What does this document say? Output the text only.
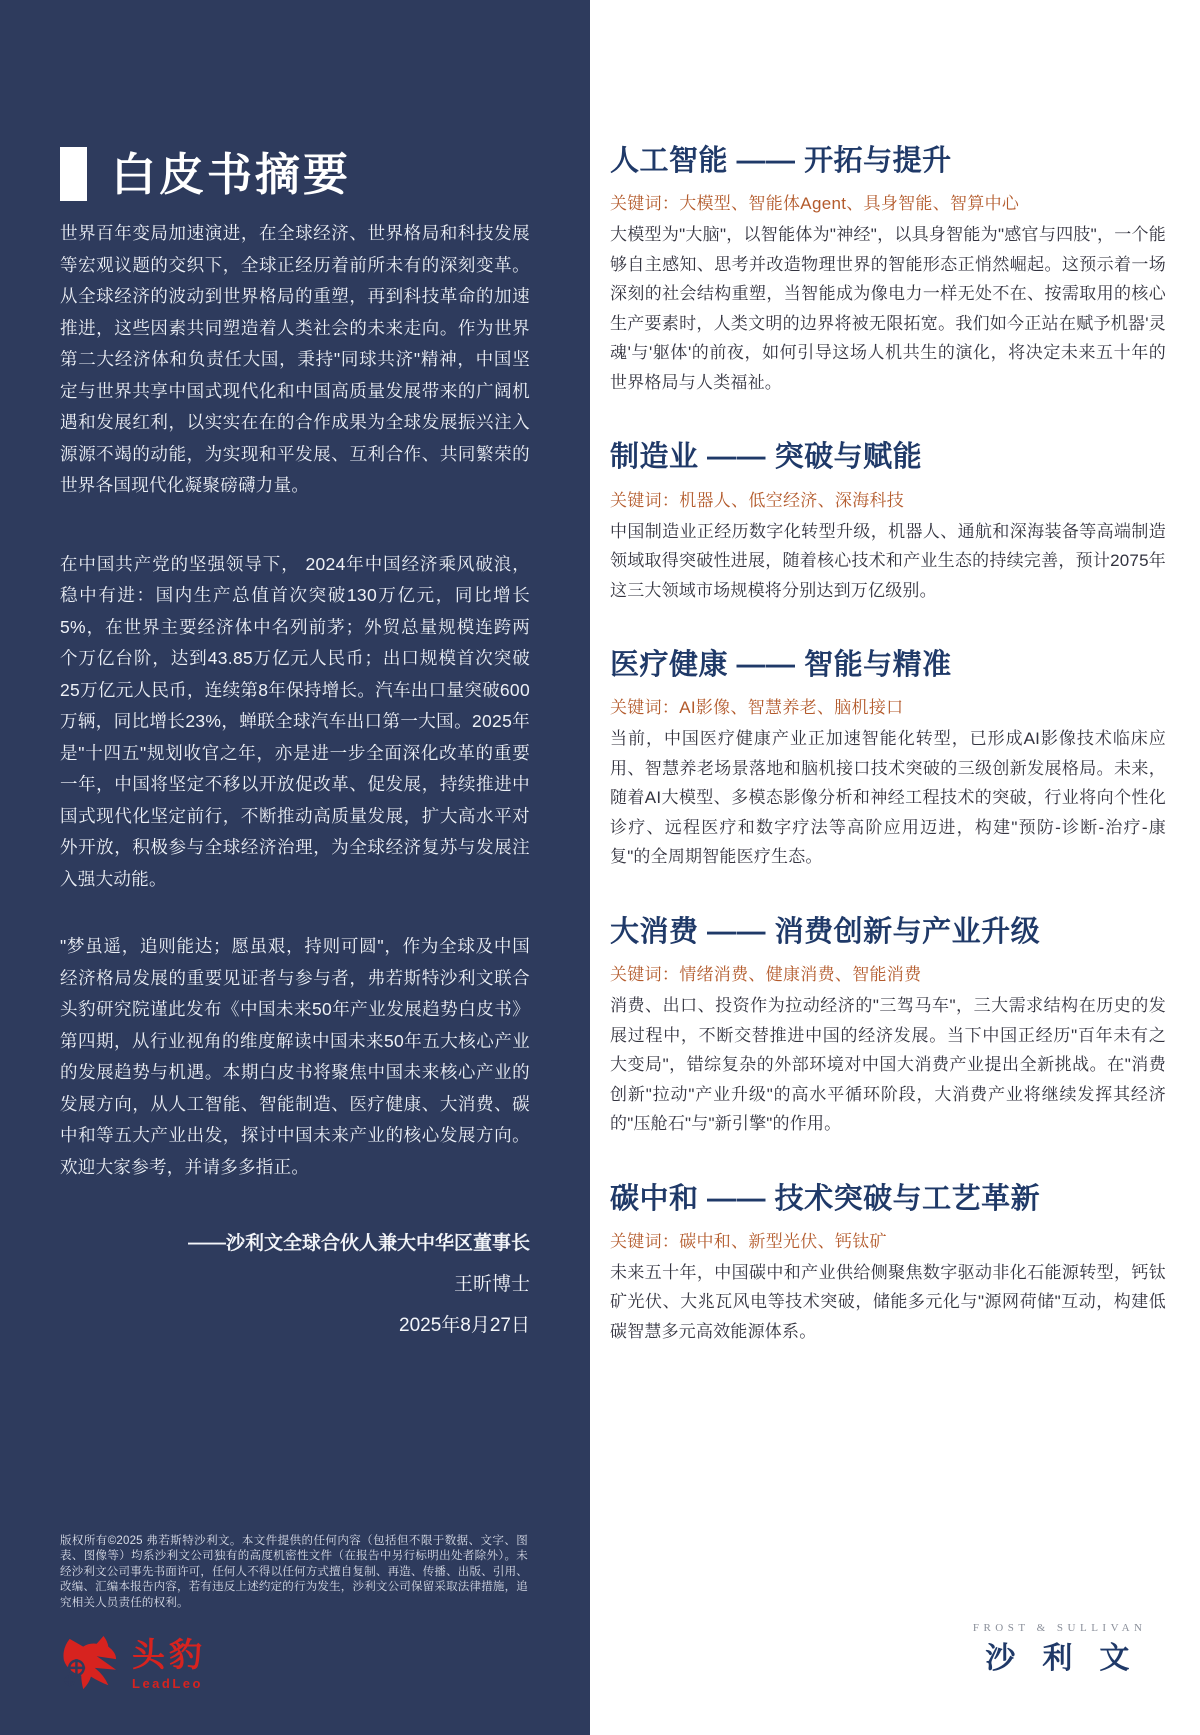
白皮书摘要

世界百年变局加速演进，在全球经济、世界格局和科技发展等宏观议题的交织下，全球正经历着前所未有的深刻变革。从全球经济的波动到世界格局的重塑，再到科技革命的加速推进，这些因素共同塑造着人类社会的未来走向。作为世界第二大经济体和负责任大国，秉持"同球共济"精神，中国坚定与世界共享中国式现代化和中国高质量发展带来的广阔机遇和发展红利，以实实在在的合作成果为全球发展振兴注入源源不竭的动能，为实现和平发展、互利合作、共同繁荣的世界各国现代化凝聚磅礴力量。

在中国共产党的坚强领导下， 2024年中国经济乘风破浪，稳中有进：国内生产总值首次突破130万亿元，同比增长5%，在世界主要经济体中名列前茅；外贸总量规模连跨两个万亿台阶，达到43.85万亿元人民币；出口规模首次突破25万亿元人民币，连续第8年保持增长。汽车出口量突破600万辆，同比增长23%，蝉联全球汽车出口第一大国。2025年是"十四五"规划收官之年，亦是进一步全面深化改革的重要一年，中国将坚定不移以开放促改革、促发展，持续推进中国式现代化坚定前行，不断推动高质量发展，扩大高水平对外开放，积极参与全球经济治理，为全球经济复苏与发展注入强大动能。

"梦虽遥，追则能达；愿虽艰，持则可圆"，作为全球及中国经济格局发展的重要见证者与参与者，弗若斯特沙利文联合头豹研究院谨此发布《中国未来50年产业发展趋势白皮书》第四期，从行业视角的维度解读中国未来50年五大核心产业的发展趋势与机遇。本期白皮书将聚焦中国未来核心产业的发展方向，从人工智能、智能制造、医疗健康、大消费、碳中和等五大产业出发，探讨中国未来产业的核心发展方向。欢迎大家参考，并请多多指正。

——沙利文全球合伙人兼大中华区董事长

王昕博士

2025年8月27日

版权所有©2025 弗若斯特沙利文。本文件提供的任何内容（包括但不限于数据、文字、图表、图像等）均系沙利文公司独有的高度机密性文件（在报告中另行标明出处者除外）。未经沙利文公司事先书面许可，任何人不得以任何方式擅自复制、再造、传播、出版、引用、改编、汇编本报告内容，若有违反上述约定的行为发生，沙利文公司保留采取法律措施，追究相关人员责任的权利。

头豹
LeadLeo
人工智能 —— 开拓与提升

关键词：大模型、智能体Agent、具身智能、智算中心

大模型为"大脑"，以智能体为"神经"，以具身智能为"感官与四肢"，一个能够自主感知、思考并改造物理世界的智能形态正悄然崛起。这预示着一场深刻的社会结构重塑，当智能成为像电力一样无处不在、按需取用的核心生产要素时，人类文明的边界将被无限拓宽。我们如今正站在赋予机器'灵魂'与'躯体'的前夜，如何引导这场人机共生的演化，将决定未来五十年的世界格局与人类福祉。

制造业 —— 突破与赋能

关键词：机器人、低空经济、深海科技

中国制造业正经历数字化转型升级，机器人、通航和深海装备等高端制造领域取得突破性进展，随着核心技术和产业生态的持续完善，预计2075年这三大领域市场规模将分别达到万亿级别。

医疗健康 —— 智能与精准

关键词：AI影像、智慧养老、脑机接口

当前，中国医疗健康产业正加速智能化转型，已形成AI影像技术临床应用、智慧养老场景落地和脑机接口技术突破的三级创新发展格局。未来，随着AI大模型、多模态影像分析和神经工程技术的突破，行业将向个性化诊疗、远程医疗和数字疗法等高阶应用迈进，构建"预防-诊断-治疗-康复"的全周期智能医疗生态。

大消费 —— 消费创新与产业升级

关键词：情绪消费、健康消费、智能消费

消费、出口、投资作为拉动经济的"三驾马车"，三大需求结构在历史的发展过程中，不断交替推进中国的经济发展。当下中国正经历"百年未有之大变局"，错综复杂的外部环境对中国大消费产业提出全新挑战。在"消费创新"拉动"产业升级"的高水平循环阶段，大消费产业将继续发挥其经济的"压舱石"与"新引擎"的作用。

碳中和 —— 技术突破与工艺革新

关键词：碳中和、新型光伏、钙钛矿

未来五十年，中国碳中和产业供给侧聚焦数字驱动非化石能源转型，钙钛矿光伏、大兆瓦风电等技术突破，储能多元化与"源网荷储"互动，构建低碳智慧多元高效能源体系。

FROST & SULLIVAN
沙利文
